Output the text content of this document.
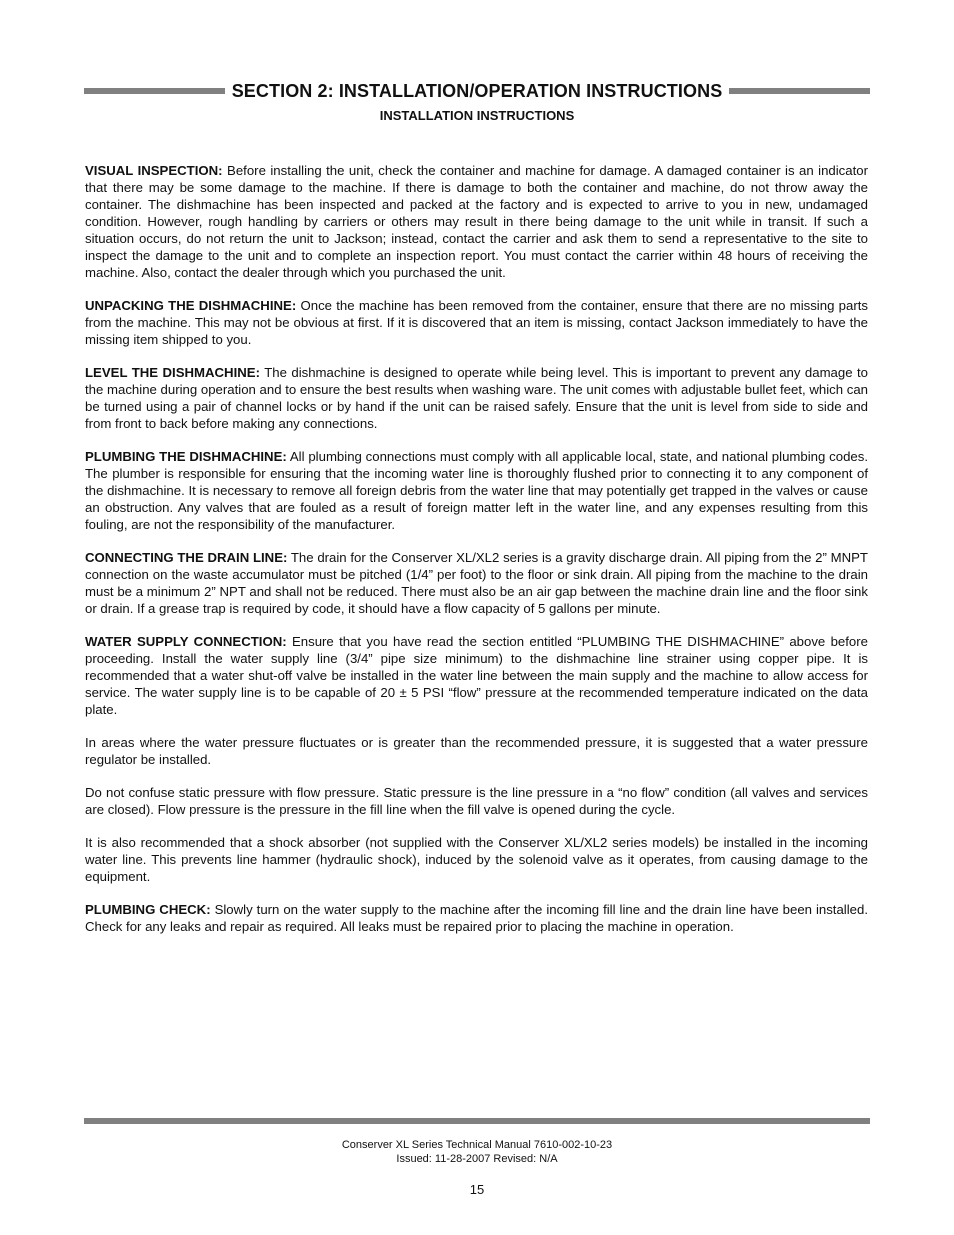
SECTION 2: INSTALLATION/OPERATION INSTRUCTIONS
INSTALLATION INSTRUCTIONS

VISUAL INSPECTION: Before installing the unit, check the container and machine for damage. A damaged container is an indicator that there may be some damage to the machine. If there is damage to both the container and machine, do not throw away the container. The dishmachine has been inspected and packed at the factory and is expected to arrive to you in new, undamaged condition. However, rough handling by carriers or others may result in there being damage to the unit while in transit. If such a situation occurs, do not return the unit to Jackson; instead, contact the carrier and ask them to send a representative to the site to inspect the damage to the unit and to complete an inspection report. You must contact the carrier within 48 hours of receiving the machine. Also, contact the dealer through which you purchased the unit.

UNPACKING THE DISHMACHINE: Once the machine has been removed from the container, ensure that there are no missing parts from the machine. This may not be obvious at first. If it is discovered that an item is missing, contact Jackson immediately to have the missing item shipped to you.

LEVEL THE DISHMACHINE: The dishmachine is designed to operate while being level. This is important to prevent any damage to the machine during operation and to ensure the best results when washing ware. The unit comes with adjustable bullet feet, which can be turned using a pair of channel locks or by hand if the unit can be raised safely. Ensure that the unit is level from side to side and from front to back before making any connections.

PLUMBING THE DISHMACHINE: All plumbing connections must comply with all applicable local, state, and national plumbing codes. The plumber is responsible for ensuring that the incoming water line is thoroughly flushed prior to connecting it to any component of the dishmachine. It is necessary to remove all foreign debris from the water line that may potentially get trapped in the valves or cause an obstruction. Any valves that are fouled as a result of foreign matter left in the water line, and any expenses resulting from this fouling, are not the responsibility of the manufacturer.

CONNECTING THE DRAIN LINE: The drain for the Conserver XL/XL2 series is a gravity discharge drain. All piping from the 2” MNPT connection on the waste accumulator must be pitched (1/4” per foot) to the floor or sink drain. All piping from the machine to the drain must be a minimum 2” NPT and shall not be reduced. There must also be an air gap between the machine drain line and the floor sink or drain. If a grease trap is required by code, it should have a flow capacity of 5 gallons per minute.

WATER SUPPLY CONNECTION: Ensure that you have read the section entitled “PLUMBING THE DISHMACHINE” above before proceeding. Install the water supply line (3/4” pipe size minimum) to the dishmachine line strainer using copper pipe. It is recommended that a water shut-off valve be installed in the water line between the main supply and the machine to allow access for service. The water supply line is to be capable of 20 ± 5 PSI “flow” pressure at the recommended temperature indicated on the data plate.

In areas where the water pressure fluctuates or is greater than the recommended pressure, it is suggested that a water pressure regulator be installed.

Do not confuse static pressure with flow pressure. Static pressure is the line pressure in a “no flow” condition (all valves and services are closed). Flow pressure is the pressure in the fill line when the fill valve is opened during the cycle.

It is also recommended that a shock absorber (not supplied with the Conserver XL/XL2 series models) be installed in the incoming water line. This prevents line hammer (hydraulic shock), induced by the solenoid valve as it operates, from causing damage to the equipment.

PLUMBING CHECK: Slowly turn on the water supply to the machine after the incoming fill line and the drain line have been installed. Check for any leaks and repair as required. All leaks must be repaired prior to placing the machine in operation.

Conserver XL Series Technical Manual 7610-002-10-23
Issued: 11-28-2007 Revised: N/A
15
